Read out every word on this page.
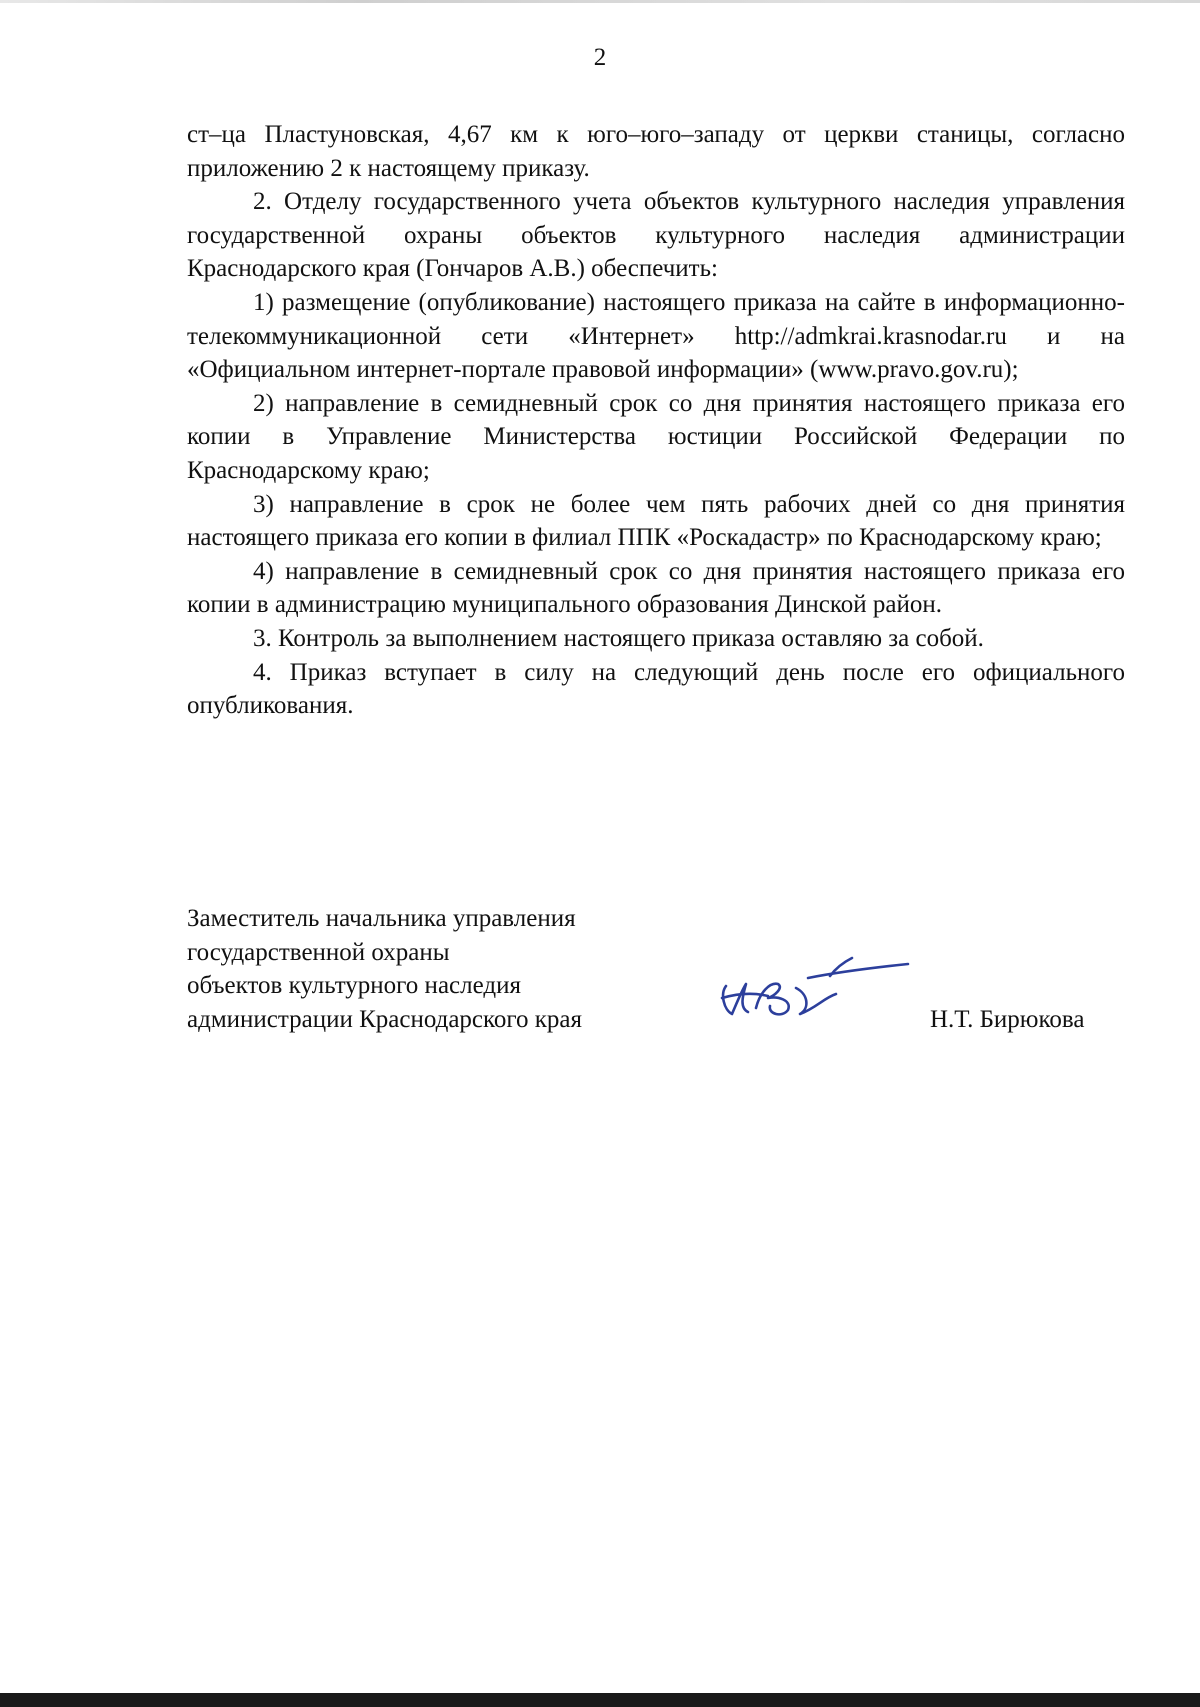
2

ст–ца Пластуновская, 4,67 км к юго–юго–западу от церкви станицы, согласно приложению 2 к настоящему приказу.

2. Отделу государственного учета объектов культурного наследия управления государственной охраны объектов культурного наследия администрации Краснодарского края (Гончаров А.В.) обеспечить:

1) размещение (опубликование) настоящего приказа на сайте в информационно-телекоммуникационной сети «Интернет» http://admkrai.krasnodar.ru и на «Официальном интернет-портале правовой информации» (www.pravo.gov.ru);

2) направление в семидневный срок со дня принятия настоящего приказа его копии в Управление Министерства юстиции Российской Федерации по Краснодарскому краю;

3) направление в срок не более чем пять рабочих дней со дня принятия настоящего приказа его копии в филиал ППК «Роскадастр» по Краснодарскому краю;

4) направление в семидневный срок со дня принятия настоящего приказа его копии в администрацию муниципального образования Динской район.

3. Контроль за выполнением настоящего приказа оставляю за собой.

4. Приказ вступает в силу на следующий день после его официального опубликования.

Заместитель начальника управления
государственной охраны
объектов культурного наследия
администрации Краснодарского края	Н.Т. Бирюкова
